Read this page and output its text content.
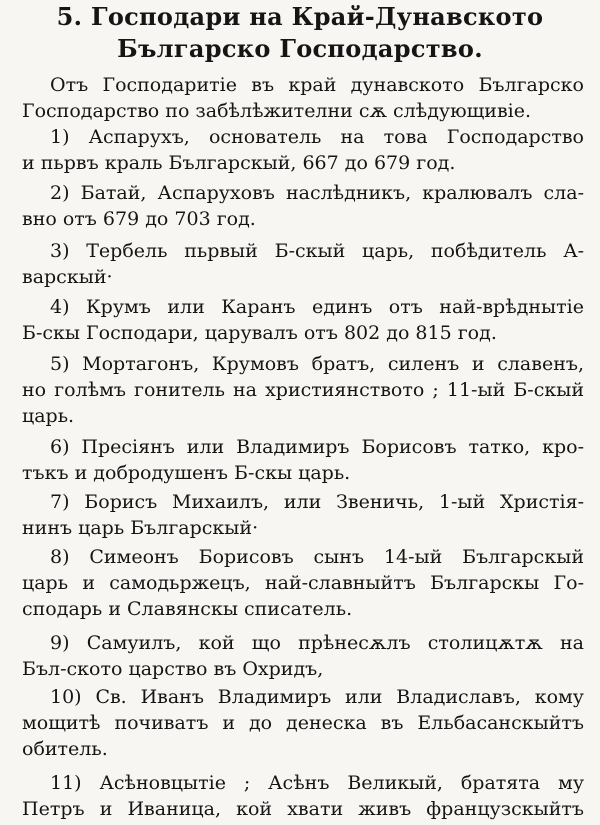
5. Господари на Край-Дунавското
Българско Господарство.
Отъ Господаритіе въ край дунавското Българско
Господарство по забѣлѣжителни сѫ слѣдующивіе.
1) Аспарухъ, основатель на това Господарство
и пьрвъ краль Българскый, 667 до 679 год.
2) Батай, Аспаруховъ наслѣдникъ, кралювалъ сла-
вно отъ 679 до 703 год.
3) Тербель пьрвый Б-скый царь, побѣдитель А-
варскый·
4) Крумъ или Каранъ единъ отъ най-врѣднытіе
Б-скы Господари, царувалъ отъ 802 до 815 год.
5) Мортагонъ, Крумовъ братъ, силенъ и славенъ,
но голѣмъ гонитель на християнството ; 11-ый Б-скый
царь.
6) Пресіянъ или Владимиръ Борисовъ татко, кро-
тъкъ и добродушенъ Б-скы царь.
7) Борисъ Михаилъ, или Звеничь, 1-ый Христія-
нинъ царь Българскый·
8) Симеонъ Борисовъ сынъ 14-ый Българскый
царь и самодьржецъ, най-славныйтъ Българскы Го-
сподарь и Славянскы списатель.
9) Самуилъ, кой що прѣнесѫлъ столицѫтѫ на
Бъл-ското царство въ Охридъ,
10) Св. Иванъ Владимиръ или Владиславъ, кому
мощитѣ почиватъ и до денеска въ Ельбасанскыйтъ
обитель.
11) Асѣновцытіе ; Асѣнъ Великый, братята му
Петръ и Иваница, кой хвати живъ французскыйтъ
